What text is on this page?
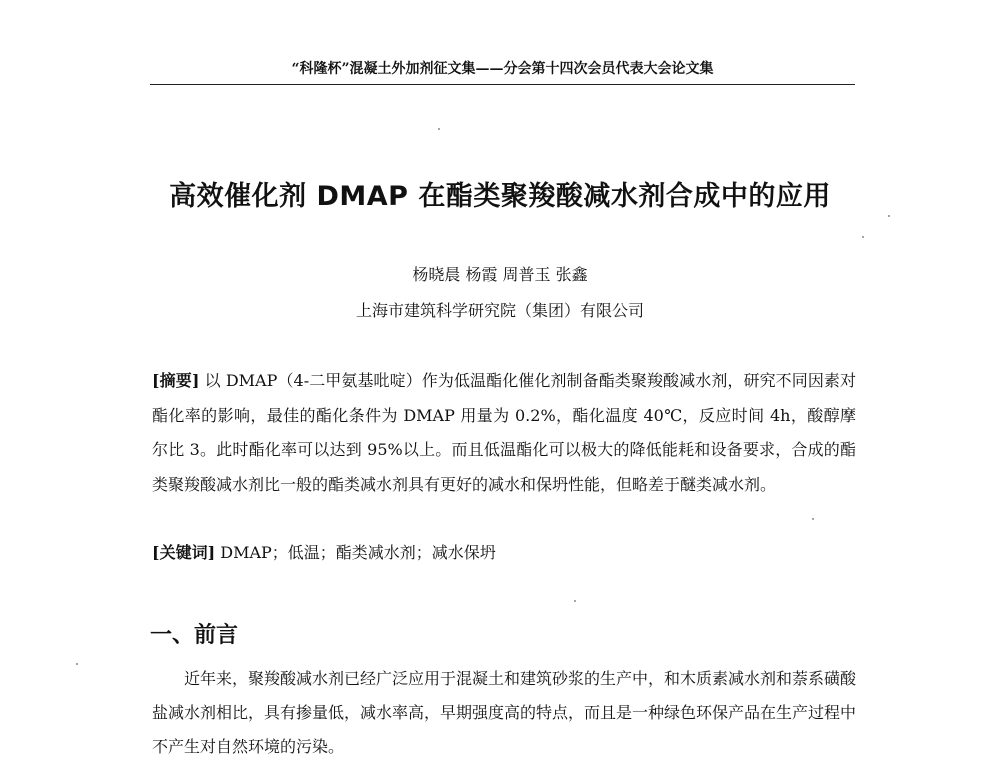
“科隆杯”混凝土外加剂征文集——分会第十四次会员代表大会论文集
高效催化剂 DMAP 在酯类聚羧酸减水剂合成中的应用
杨晓晨 杨霞 周普玉 张鑫
上海市建筑科学研究院（集团）有限公司

[摘要] 以 DMAP（4-二甲氨基吡啶）作为低温酯化催化剂制备酯类聚羧酸减水剂，研究不同因素对酯化率的影响，最佳的酯化条件为 DMAP 用量为 0.2%，酯化温度 40℃，反应时间 4h，酸醇摩尔比 3。此时酯化率可以达到 95%以上。而且低温酯化可以极大的降低能耗和设备要求，合成的酯类聚羧酸减水剂比一般的酯类减水剂具有更好的减水和保坍性能，但略差于醚类减水剂。

[关键词] DMAP；低温；酯类减水剂；减水保坍

一、前言

近年来，聚羧酸减水剂已经广泛应用于混凝土和建筑砂浆的生产中，和木质素减水剂和萘系磺酸盐减水剂相比，具有掺量低，减水率高，早期强度高的特点，而且是一种绿色环保产品在生产过程中不产生对自然环境的污染。
